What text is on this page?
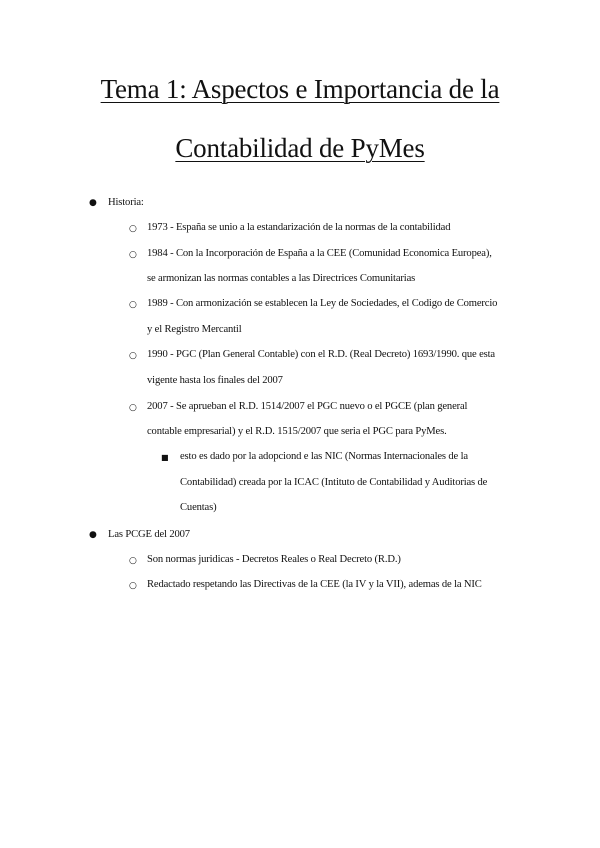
Tema 1: Aspectos e Importancia de la
Contabilidad de PyMes
● Historia:
○ 1973 - España se unio a la estandarización de la normas de la contabilidad
○ 1984 - Con la Incorporación de España a la CEE (Comunidad Economica Europea),
se armonizan las normas contables a las Directrices Comunitarias
○ 1989 - Con armonización se establecen la Ley de Sociedades, el Codigo de Comercio
y el Registro Mercantil
○ 1990 - PGC (Plan General Contable) con el R.D. (Real Decreto) 1693/1990. que esta
vigente hasta los finales del 2007
○ 2007 - Se aprueban el R.D. 1514/2007 el PGC nuevo o el PGCE (plan general
contable empresarial) y el R.D. 1515/2007 que seria el PGC para PyMes.
■ esto es dado por la adopciond e las NIC (Normas Internacionales de la
Contabilidad) creada por la ICAC (Intituto de Contabilidad y Auditorias de
Cuentas)
● Las PCGE del 2007
○ Son normas juridicas - Decretos Reales o Real Decreto (R.D.)
○ Redactado respetando las Directivas de la CEE (la IV y la VII), ademas de la NIC
